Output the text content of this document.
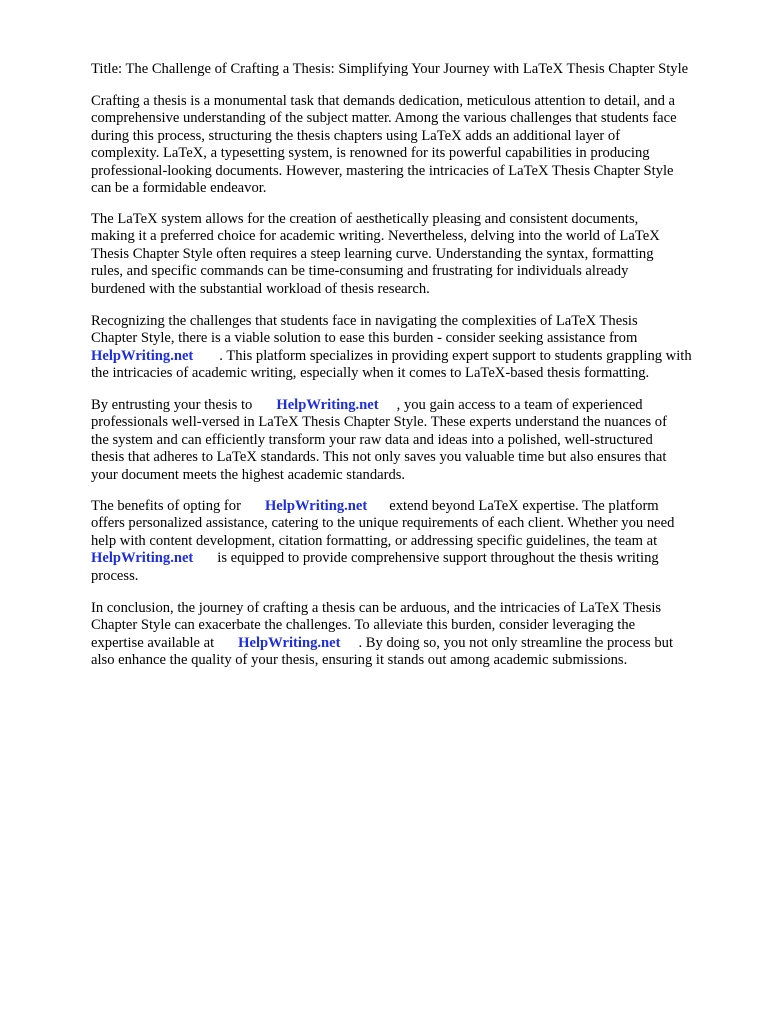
Title: The Challenge of Crafting a Thesis: Simplifying Your Journey with LaTeX Thesis Chapter Style

Crafting a thesis is a monumental task that demands dedication, meticulous attention to detail, and a
comprehensive understanding of the subject matter. Among the various challenges that students face
during this process, structuring the thesis chapters using LaTeX adds an additional layer of
complexity. LaTeX, a typesetting system, is renowned for its powerful capabilities in producing
professional-looking documents. However, mastering the intricacies of LaTeX Thesis Chapter Style
can be a formidable endeavor.
The LaTeX system allows for the creation of aesthetically pleasing and consistent documents,
making it a preferred choice for academic writing. Nevertheless, delving into the world of LaTeX
Thesis Chapter Style often requires a steep learning curve. Understanding the syntax, formatting
rules, and specific commands can be time-consuming and frustrating for individuals already
burdened with the substantial workload of thesis research.
Recognizing the challenges that students face in navigating the complexities of LaTeX Thesis
Chapter Style, there is a viable solution to ease this burden - consider seeking assistance from
HelpWriting.net . This platform specializes in providing expert support to students grappling with
the intricacies of academic writing, especially when it comes to LaTeX-based thesis formatting.
By entrusting your thesis to HelpWriting.net , you gain access to a team of experienced
professionals well-versed in LaTeX Thesis Chapter Style. These experts understand the nuances of
the system and can efficiently transform your raw data and ideas into a polished, well-structured
thesis that adheres to LaTeX standards. This not only saves you valuable time but also ensures that
your document meets the highest academic standards.
The benefits of opting for HelpWriting.net extend beyond LaTeX expertise. The platform
offers personalized assistance, catering to the unique requirements of each client. Whether you need
help with content development, citation formatting, or addressing specific guidelines, the team at
HelpWriting.net is equipped to provide comprehensive support throughout the thesis writing
process.
In conclusion, the journey of crafting a thesis can be arduous, and the intricacies of LaTeX Thesis
Chapter Style can exacerbate the challenges. To alleviate this burden, consider leveraging the
expertise available at HelpWriting.net . By doing so, you not only streamline the process but
also enhance the quality of your thesis, ensuring it stands out among academic submissions.
